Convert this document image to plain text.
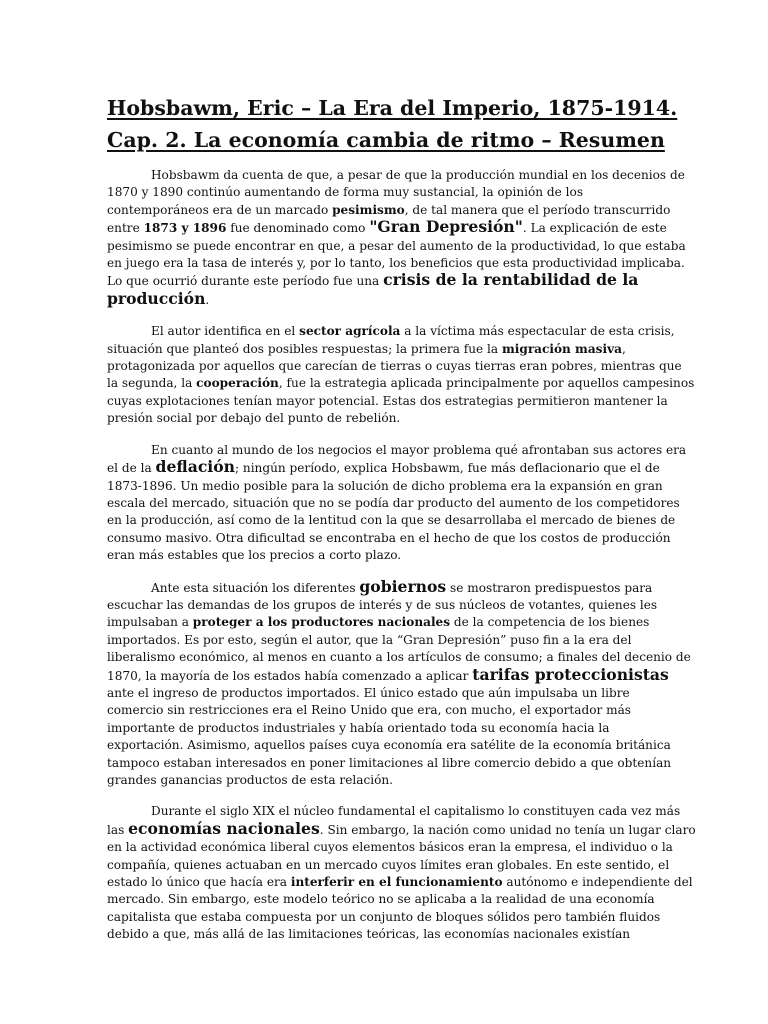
Hobsbawm, Eric – La Era del Imperio, 1875-1914.
Cap. 2. La economía cambia de ritmo – Resumen

Hobsbawm da cuenta de que, a pesar de que la producción mundial en los decenios de
1870 y 1890 continúo aumentando de forma muy sustancial, la opinión de los
contemporáneos era de un marcado pesimismo, de tal manera que el período transcurrido
entre 1873 y 1896 fue denominado como "Gran Depresión". La explicación de este
pesimismo se puede encontrar en que, a pesar del aumento de la productividad, lo que estaba
en juego era la tasa de interés y, por lo tanto, los beneficios que esta productividad implicaba.
Lo que ocurrió durante este período fue una crisis de la rentabilidad de la
producción.

El autor identifica en el sector agrícola a la víctima más espectacular de esta crisis,
situación que planteó dos posibles respuestas; la primera fue la migración masiva,
protagonizada por aquellos que carecían de tierras o cuyas tierras eran pobres, mientras que
la segunda, la cooperación, fue la estrategia aplicada principalmente por aquellos campesinos
cuyas explotaciones tenían mayor potencial. Estas dos estrategias permitieron mantener la
presión social por debajo del punto de rebelión.

En cuanto al mundo de los negocios el mayor problema qué afrontaban sus actores era
el de la deflación; ningún período, explica Hobsbawm, fue más deflacionario que el de
1873-1896. Un medio posible para la solución de dicho problema era la expansión en gran
escala del mercado, situación que no se podía dar producto del aumento de los competidores
en la producción, así como de la lentitud con la que se desarrollaba el mercado de bienes de
consumo masivo. Otra dificultad se encontraba en el hecho de que los costos de producción
eran más estables que los precios a corto plazo.

Ante esta situación los diferentes gobiernos se mostraron predispuestos para
escuchar las demandas de los grupos de interés y de sus núcleos de votantes, quienes les
impulsaban a proteger a los productores nacionales de la competencia de los bienes
importados. Es por esto, según el autor, que la “Gran Depresión” puso fin a la era del
liberalismo económico, al menos en cuanto a los artículos de consumo; a finales del decenio de
1870, la mayoría de los estados había comenzado a aplicar tarifas proteccionistas
ante el ingreso de productos importados. El único estado que aún impulsaba un libre
comercio sin restricciones era el Reino Unido que era, con mucho, el exportador más
importante de productos industriales y había orientado toda su economía hacia la
exportación. Asimismo, aquellos países cuya economía era satélite de la economía británica
tampoco estaban interesados en poner limitaciones al libre comercio debido a que obtenían
grandes ganancias productos de esta relación.

Durante el siglo XIX el núcleo fundamental el capitalismo lo constituyen cada vez más
las economías nacionales. Sin embargo, la nación como unidad no tenía un lugar claro
en la actividad económica liberal cuyos elementos básicos eran la empresa, el individuo o la
compañía, quienes actuaban en un mercado cuyos límites eran globales. En este sentido, el
estado lo único que hacía era interferir en el funcionamiento autónomo e independiente del
mercado. Sin embargo, este modelo teórico no se aplicaba a la realidad de una economía
capitalista que estaba compuesta por un conjunto de bloques sólidos pero también fluidos
debido a que, más allá de las limitaciones teóricas, las economías nacionales existían
